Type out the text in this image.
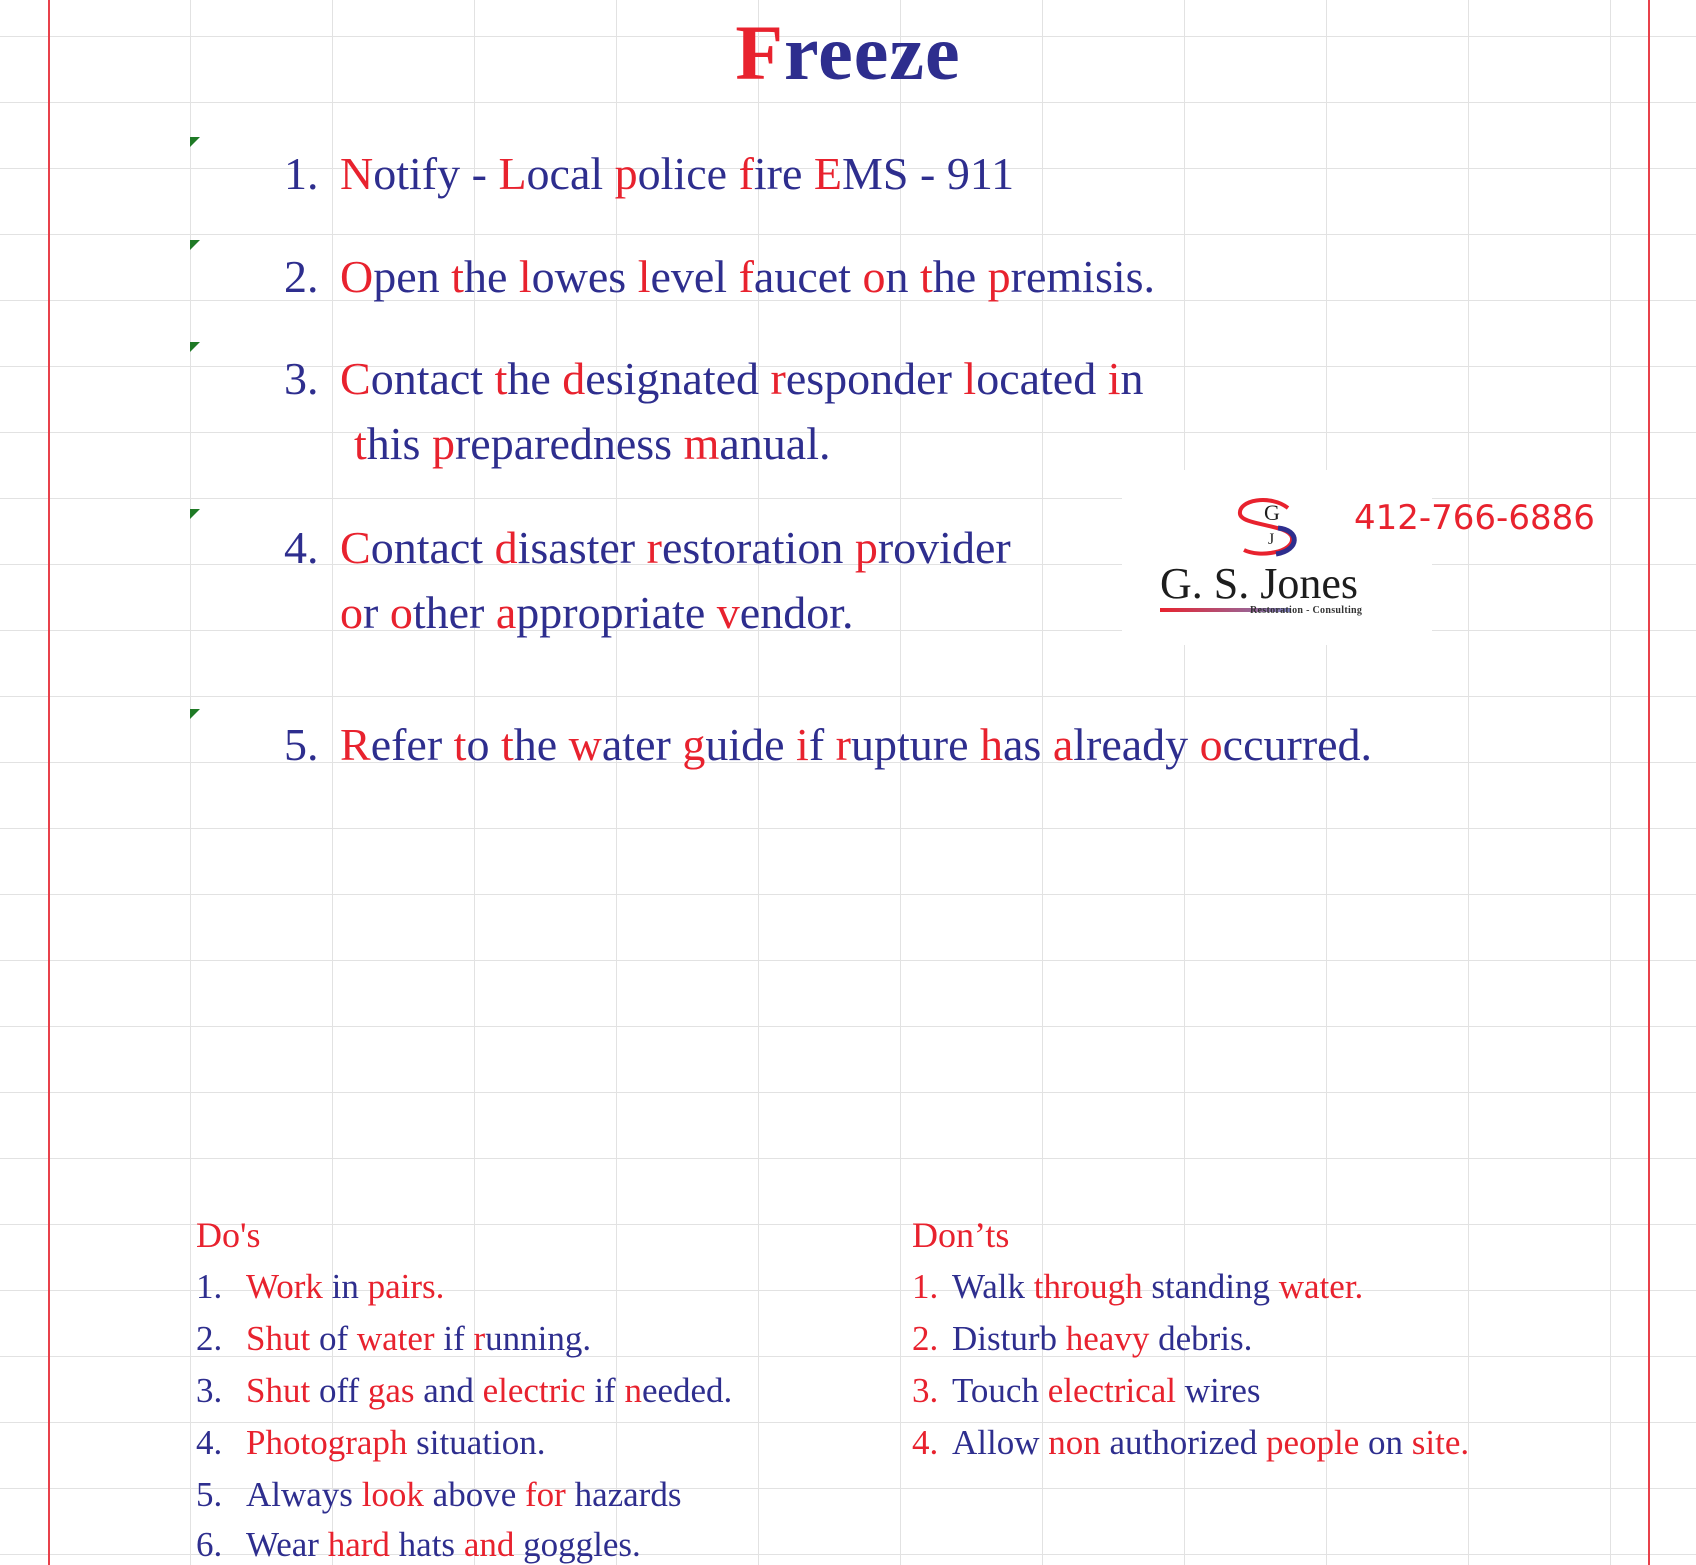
Freeze
1. Notify - Local police fire EMS - 911
2. Open the lowes level faucet on the premisis.
3. Contact the designated responder located in
this preparedness manual.
4. Contact disaster restoration provider
or other appropriate vendor.
5. Refer to the water guide if rupture has already occurred.
G
J
G. S. Jones
Restoration - Consulting
412-766-6886
Do's
1. Work in pairs.
2. Shut of water if running.
3. Shut off gas and electric if needed.
4. Photograph situation.
5. Always look above for hazards
6. Wear hard hats and goggles.
Don’ts
1. Walk through standing water.
2. Disturb heavy debris.
3. Touch electrical wires
4. Allow non authorized people on site.
